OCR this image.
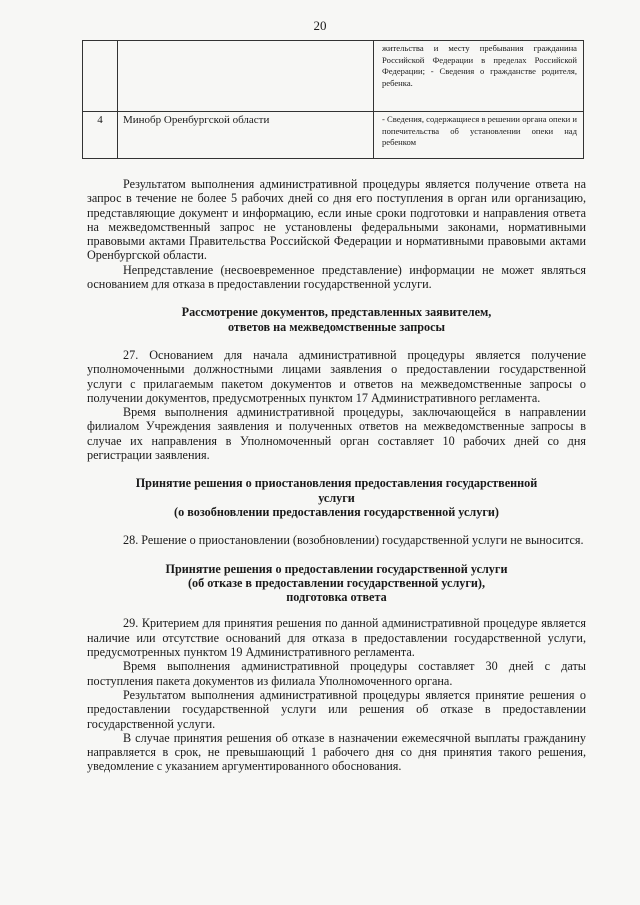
20
		жительства и месту пребывания гражданина Российской Федерации в пределах Российской Федерации; - Сведения о гражданстве родителя, ребенка.
4	Минобр Оренбургской области	- Сведения, содержащиеся в решении органа опеки и попечительства об установлении опеки над ребенком

Результатом выполнения административной процедуры является получение ответа на запрос в течение не более 5 рабочих дней со дня его поступления в орган или организацию, представляющие документ и информацию, если иные сроки подготовки и направления ответа на межведомственный запрос не установлены федеральными законами, нормативными правовыми актами Правительства Российской Федерации и нормативными правовыми актами Оренбургской области.

Непредставление (несвоевременное представление) информации не может являться основанием для отказа в предоставлении государственной услуги.

Рассмотрение документов, представленных заявителем,
ответов на межведомственные запросы

27. Основанием для начала административной процедуры является получение уполномоченными должностными лицами заявления о предоставлении государственной услуги с прилагаемым пакетом документов и ответов на межведомственные запросы о получении документов, предусмотренных пунктом 17 Административного регламента.

Время выполнения административной процедуры, заключающейся в направлении филиалом Учреждения заявления и полученных ответов на межведомственные запросы в случае их направления в Уполномоченный орган составляет 10 рабочих дней со дня регистрации заявления.

Принятие решения о приостановления предоставления государственной
услуги
(о возобновлении предоставления государственной услуги)

28. Решение о приостановлении (возобновлении) государственной услуги не выносится.

Принятие решения о предоставлении государственной услуги
(об отказе в предоставлении государственной услуги),
подготовка ответа

29. Критерием для принятия решения по данной административной процедуре является наличие или отсутствие оснований для отказа в предоставлении государственной услуги, предусмотренных пунктом 19 Административного регламента.

Время выполнения административной процедуры составляет 30 дней с даты поступления пакета документов из филиала Уполномоченного органа.

Результатом выполнения административной процедуры является принятие решения о предоставлении государственной услуги или решения об отказе в предоставлении государственной услуги.

В случае принятия решения об отказе в назначении ежемесячной выплаты гражданину направляется в срок, не превышающий 1 рабочего дня со дня принятия такого решения, уведомление с указанием аргументированного обоснования.
